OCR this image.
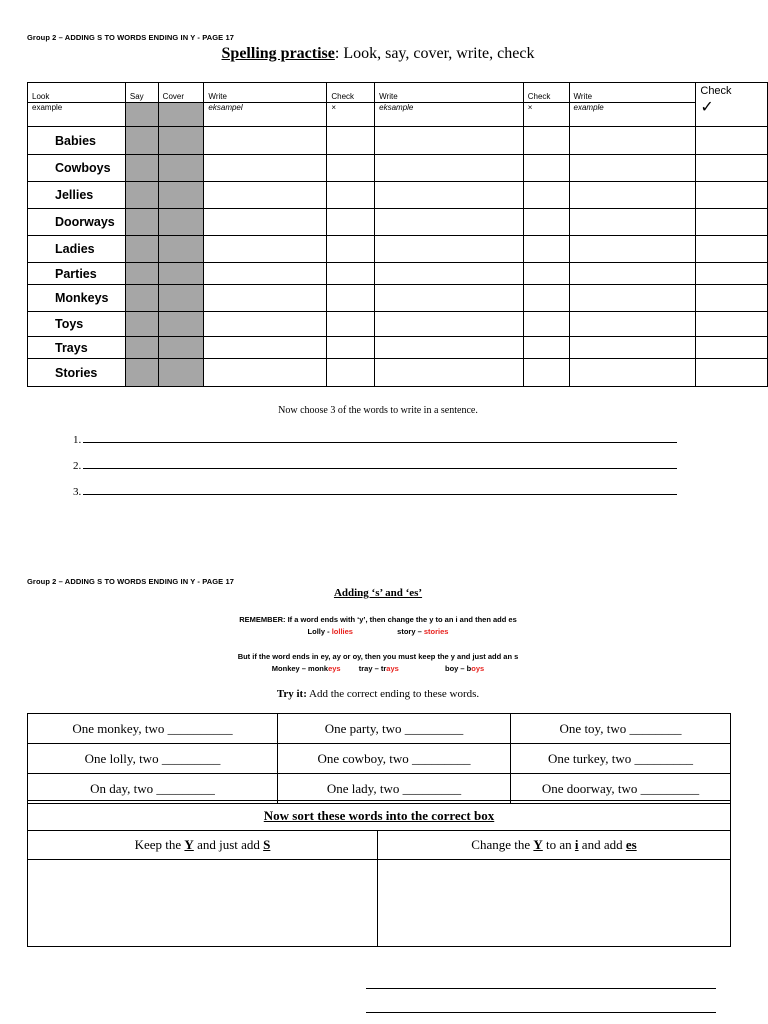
Group 2 – ADDING S TO WORDS ENDING IN Y - PAGE 17
Spelling practise: Look, say, cover, write, check
Look	Say	Cover	Write	Check	Write	Check	Write	Check
✓

example			eksampel	×	eksample	×	example	
Babies								
Cowboys								
Jellies								
Doorways								
Ladies								
Parties								
Monkeys								
Toys								
Trays								
Stories								
Now choose 3 of the words to write in a sentence.
1.
2.
3.
Group 2 – ADDING S TO WORDS ENDING IN Y - PAGE 17
Adding ‘s’ and ‘es’
REMEMBER: If a word ends with ‘y’, then change the y to an i and then add es
Lolly - lollies	story – stories
But if the word ends in ey, ay or oy, then you must keep the y and just add an s
Monkey – monkeys tray – trays	boy – boys
Try it: Add the correct ending to these words.
One monkey, two __________	One party, two _________	One toy, two ________
One lolly, two _________	One cowboy, two _________	One turkey, two _________
On day, two _________	One lady, two _________	One doorway, two _________
Now sort these words into the correct box	
Keep the Y and just add S	Change the Y to an i and add es
